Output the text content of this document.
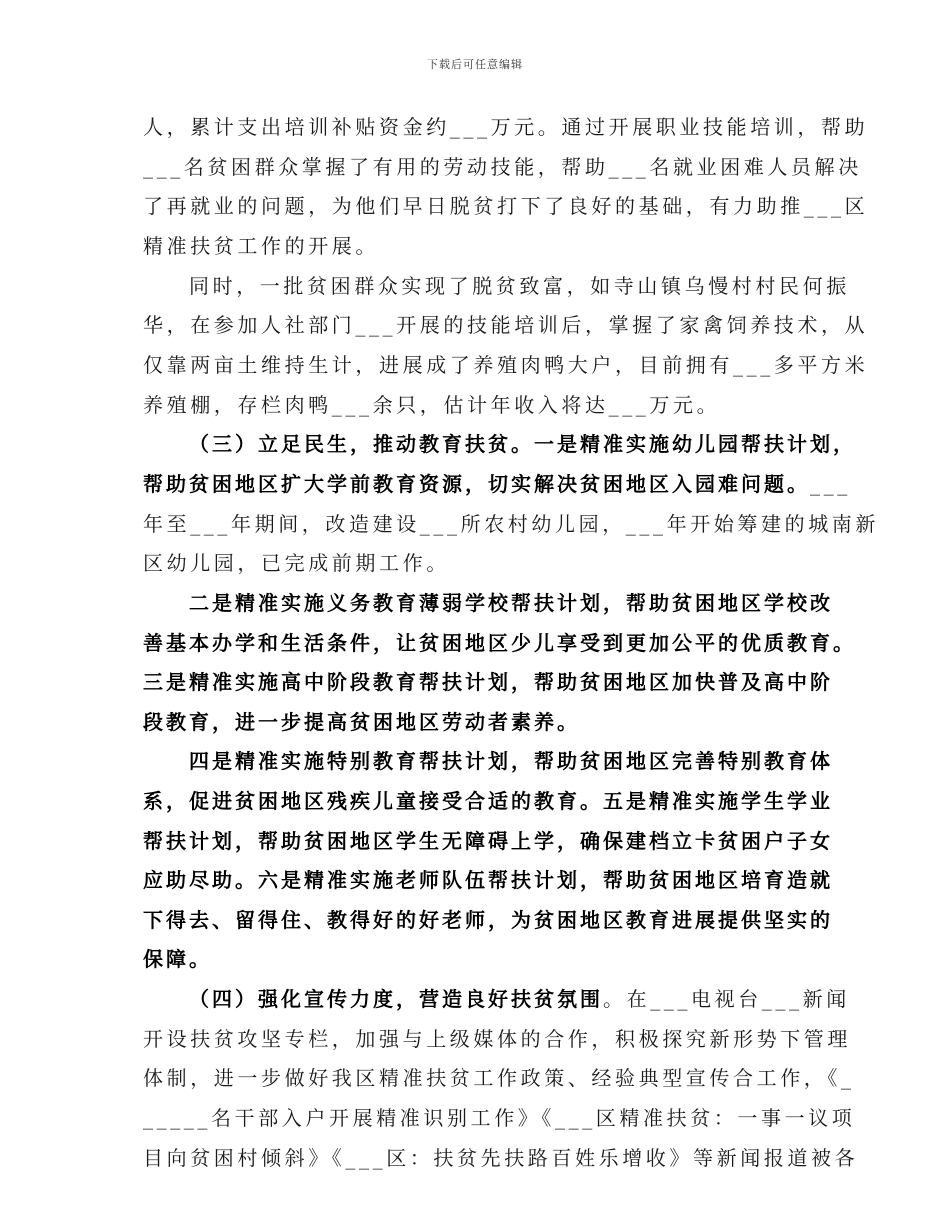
下载后可任意编辑
人，累计支出培训补贴资金约___万元。通过开展职业技能培训，帮助
___名贫困群众掌握了有用的劳动技能，帮助___名就业困难人员解决
了再就业的问题，为他们早日脱贫打下了良好的基础，有力助推___区
精准扶贫工作的开展。
同时，一批贫困群众实现了脱贫致富，如寺山镇乌慢村村民何振
华，在参加人社部门___开展的技能培训后，掌握了家禽饲养技术，从
仅靠两亩土维持生计，进展成了养殖肉鸭大户，目前拥有___多平方米
养殖棚，存栏肉鸭___余只，估计年收入将达___万元。
（三）立足民生，推动教育扶贫。一是精准实施幼儿园帮扶计划，
帮助贫困地区扩大学前教育资源，切实解决贫困地区入园难问题。___
年至___年期间，改造建设___所农村幼儿园，___年开始筹建的城南新
区幼儿园，已完成前期工作。
二是精准实施义务教育薄弱学校帮扶计划，帮助贫困地区学校改
善基本办学和生活条件，让贫困地区少儿享受到更加公平的优质教育。
三是精准实施高中阶段教育帮扶计划，帮助贫困地区加快普及高中阶
段教育，进一步提高贫困地区劳动者素养。
四是精准实施特别教育帮扶计划，帮助贫困地区完善特别教育体
系，促进贫困地区残疾儿童接受合适的教育。五是精准实施学生学业
帮扶计划，帮助贫困地区学生无障碍上学，确保建档立卡贫困户子女
应助尽助。六是精准实施老师队伍帮扶计划，帮助贫困地区培育造就
下得去、留得住、教得好的好老师，为贫困地区教育进展提供坚实的
保障。
（四）强化宣传力度，营造良好扶贫氛围。在___电视台___新闻
开设扶贫攻坚专栏，加强与上级媒体的合作，积极探究新形势下管理
体制，进一步做好我区精准扶贫工作政策、经验典型宣传合工作，《_
_____名干部入户开展精准识别工作》《___区精准扶贫：一事一议项
目向贫困村倾斜》《___区：扶贫先扶路百姓乐增收》等新闻报道被各
